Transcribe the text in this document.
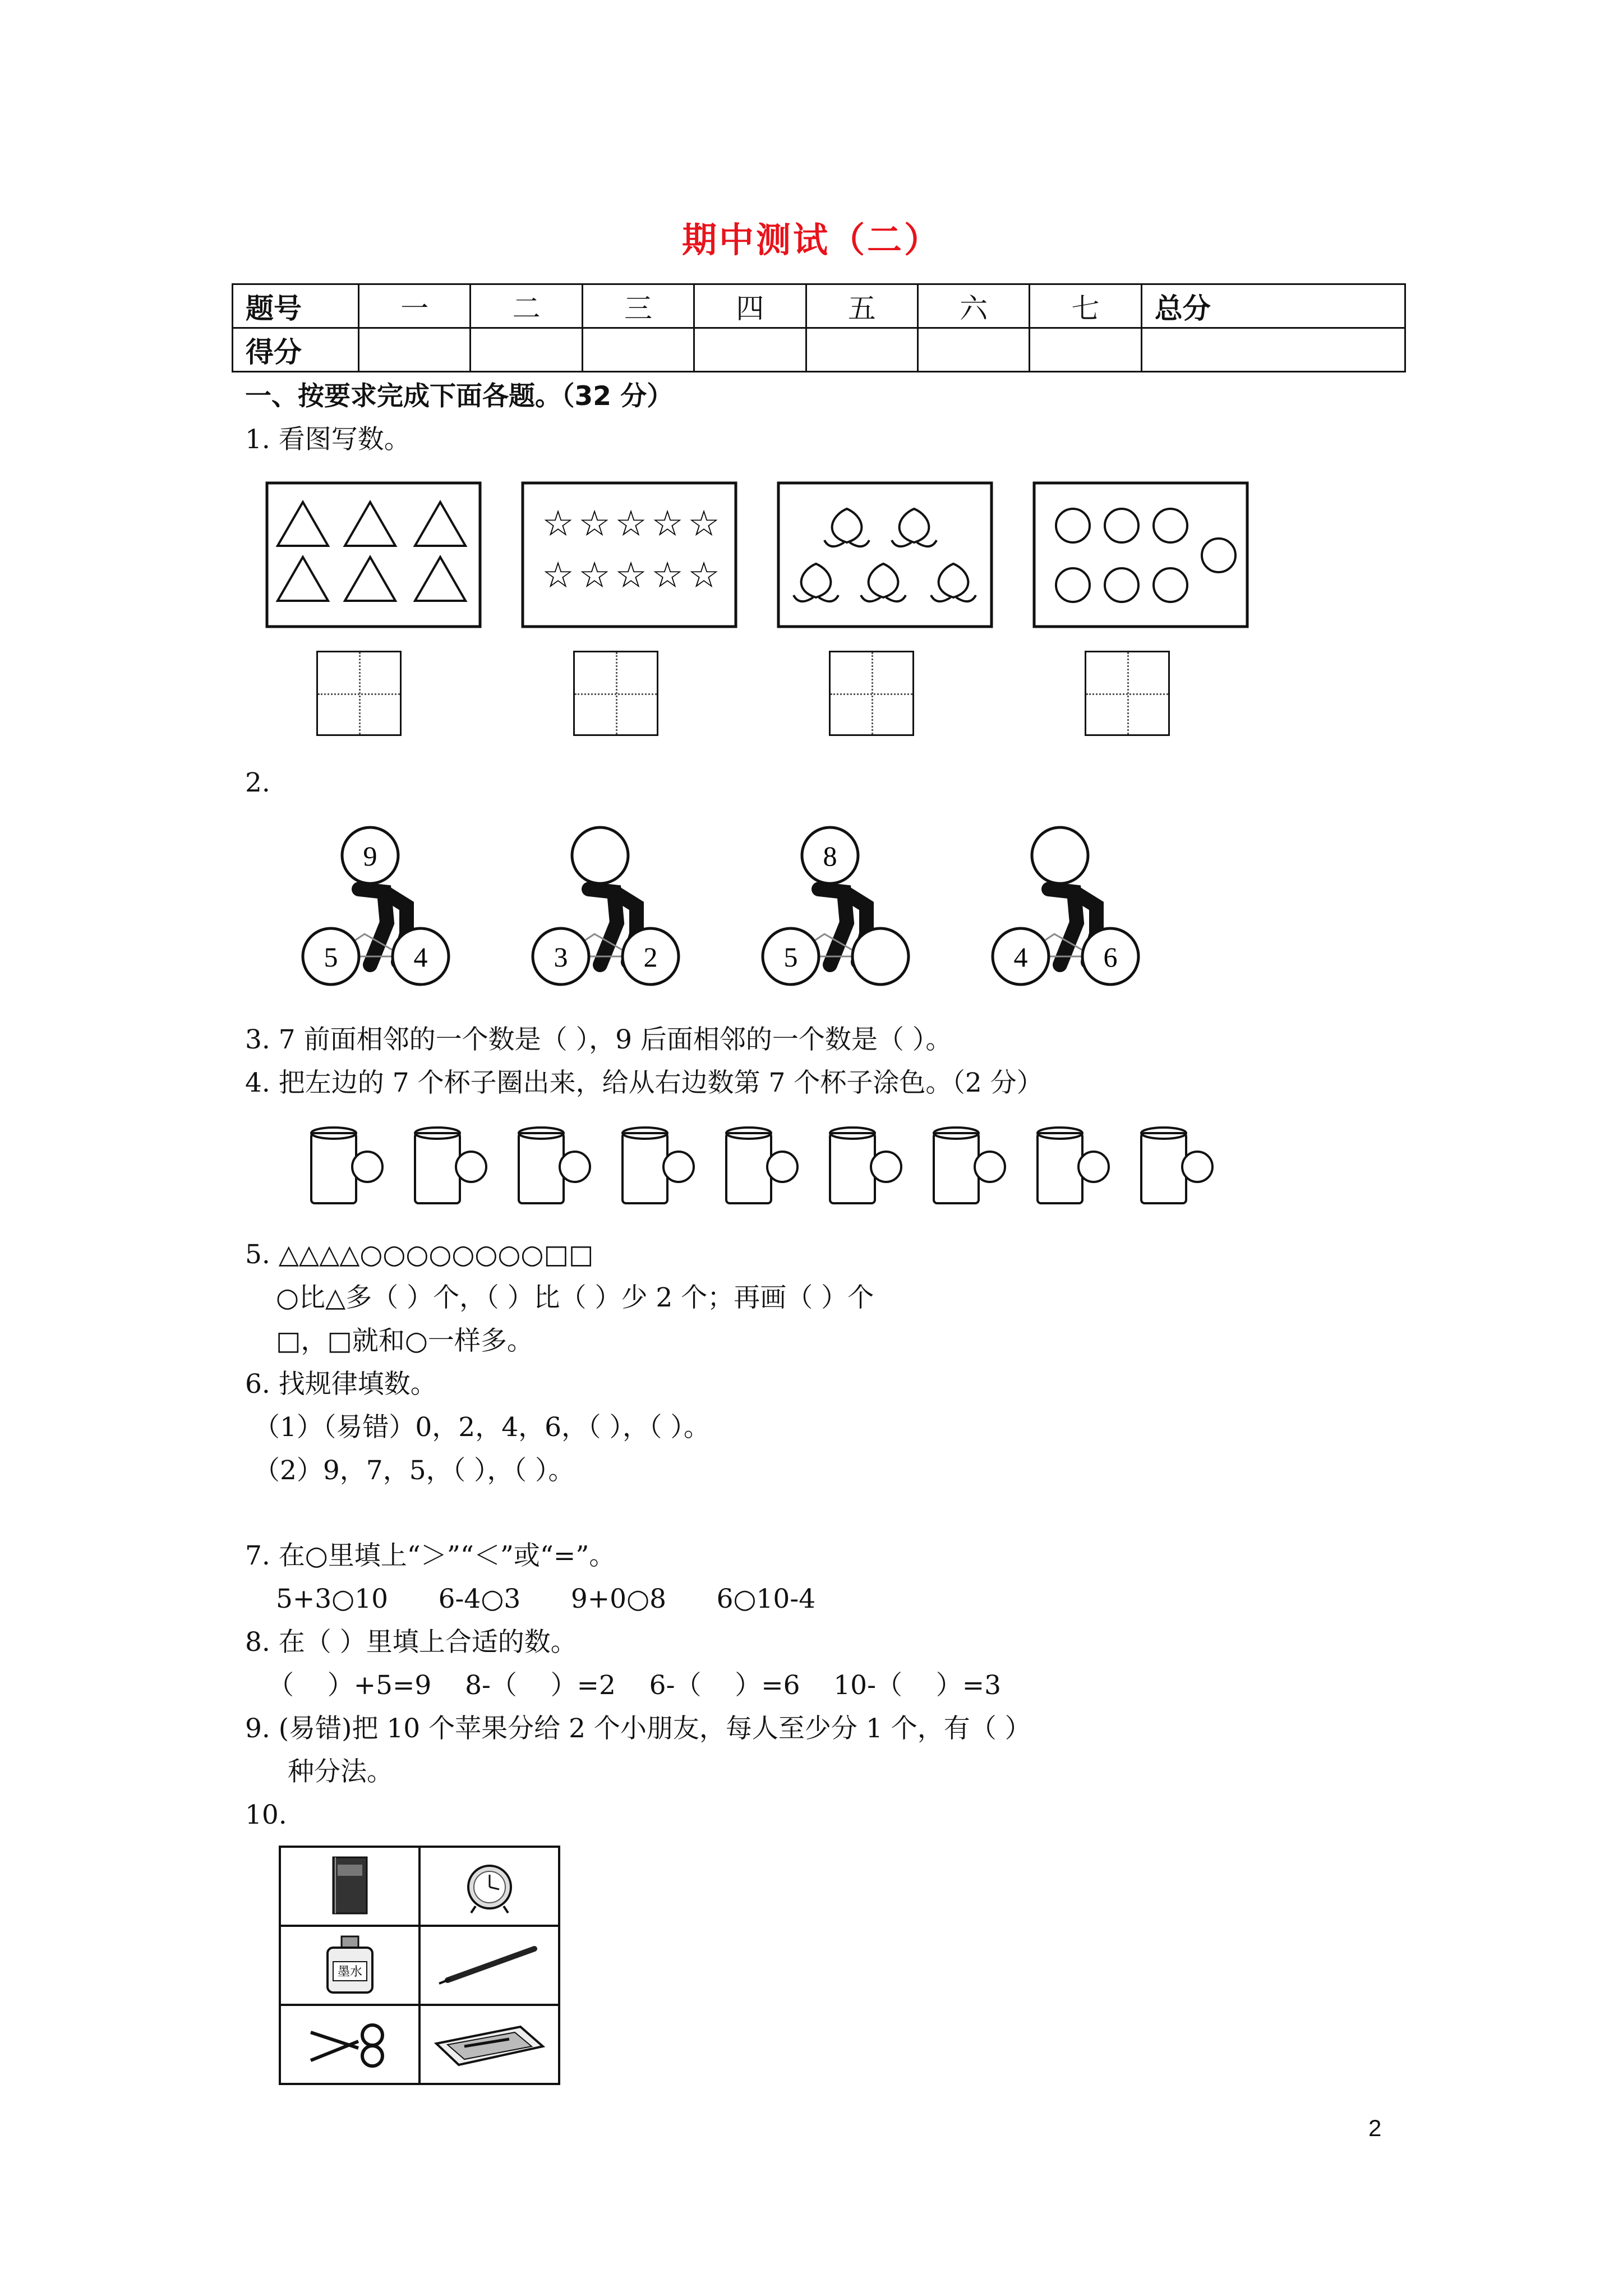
期中测试（二）
题号	一	二	三	四	五	六	七	总分
得分								
一、按要求完成下面各题。（32 分）
1. 看图写数。
☆ ☆ ☆ ☆ ☆
☆ ☆ ☆ ☆ ☆
2.
9
5	4	3	2
8
5	4	6
3. 7 前面相邻的一个数是（ ），9 后面相邻的一个数是（ ）。
4. 把左边的 7 个杯子圈出来，给从右边数第 7 个杯子涂色。（2 分）
5. △△△△○○○○○○○○□□
○比△多（ ）个，（ ）比（ ）少 2 个；再画（ ）个
□，□就和○一样多。
6. 找规律填数。
（1）（易错）0，2，4，6，（ ），（ ）。
（2）9，7，5，（ ），（ ）。
7. 在○里填上“＞”“＜”或“=”。
5+3○10      6-4○3      9+0○8      6○10-4
8. 在（ ）里填上合适的数。
（    ）+5=9    8-（    ）=2    6-（    ）=6    10-（    ）=3
9. (易错)把 10 个苹果分给 2 个小朋友，每人至少分 1 个，有（ ）
种分法。
10.

墨水

2
